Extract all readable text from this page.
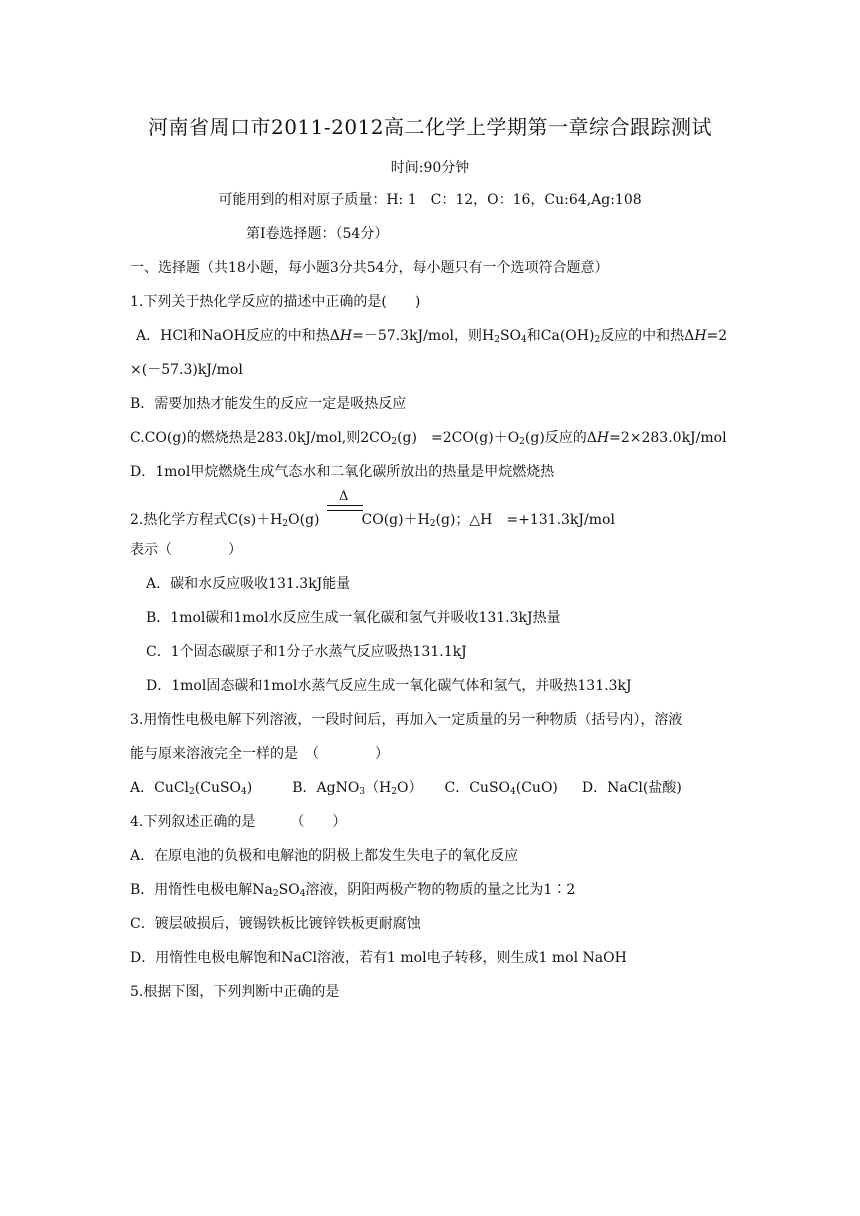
河南省周口市2011-2012高二化学上学期第一章综合跟踪测试
时间:90分钟
可能用到的相对原子质量：H: 1　C：12，O：16，Cu:64,Ag:108
第Ⅰ卷选择题：（54分）
一、选择题（共18小题，每小题3分共54分，每小题只有一个选项符合题意）
1.下列关于热化学反应的描述中正确的是(　　)
A．HCl和NaOH反应的中和热ΔH=－57.3kJ/mol，则$H_2SO_4$和$Ca(OH)_2$反应的中和热ΔH=2
×(－57.3)kJ/mol
B．需要加热才能发生的反应一定是吸热反应
C.CO(g)的燃烧热是283.0kJ/mol,则$2CO_2(g)$　$=2CO(g)+O_2(g)$反应的ΔH=2×283.0kJ/mol
D．1mol甲烷燃烧生成气态水和二氧化碳所放出的热量是甲烷燃烧热
Δ
2.热化学方程式$C(s)+H_2O(g)$	$CO(g)+H_2(g)$；△H　=+131.3kJ/mol
表示（　　　　）
A．碳和水反应吸收131.3kJ能量
B．1mol碳和1mol水反应生成一氧化碳和氢气并吸收131.3kJ热量
C．1个固态碳原子和1分子水蒸气反应吸热131.1kJ
D．1mol固态碳和1mol水蒸气反应生成一氧化碳气体和氢气，并吸热131.3kJ
3.用惰性电极电解下列溶液，一段时间后，再加入一定质量的另一种物质（括号内），溶液
能与原来溶液完全一样的是　（　　　　）
A．CuCl$_2$(CuSO$_4$)	B．$AgNO_3(H_2O)$ C．CuSO$_4$(CuO) D．NaCl(盐酸)
4.下列叙述正确的是　　　（　　）
A．在原电池的负极和电解池的阴极上都发生失电子的氧化反应
B．用惰性电极电解$Na_2SO_4$溶液，阴阳两极产物的物质的量之比为1∶2
C．镀层破损后，镀锡铁板比镀锌铁板更耐腐蚀
D．用惰性电极电解饱和NaCl溶液，若有1 mol电子转移，则生成1 mol NaOH
5.根据下图，下列判断中正确的是
